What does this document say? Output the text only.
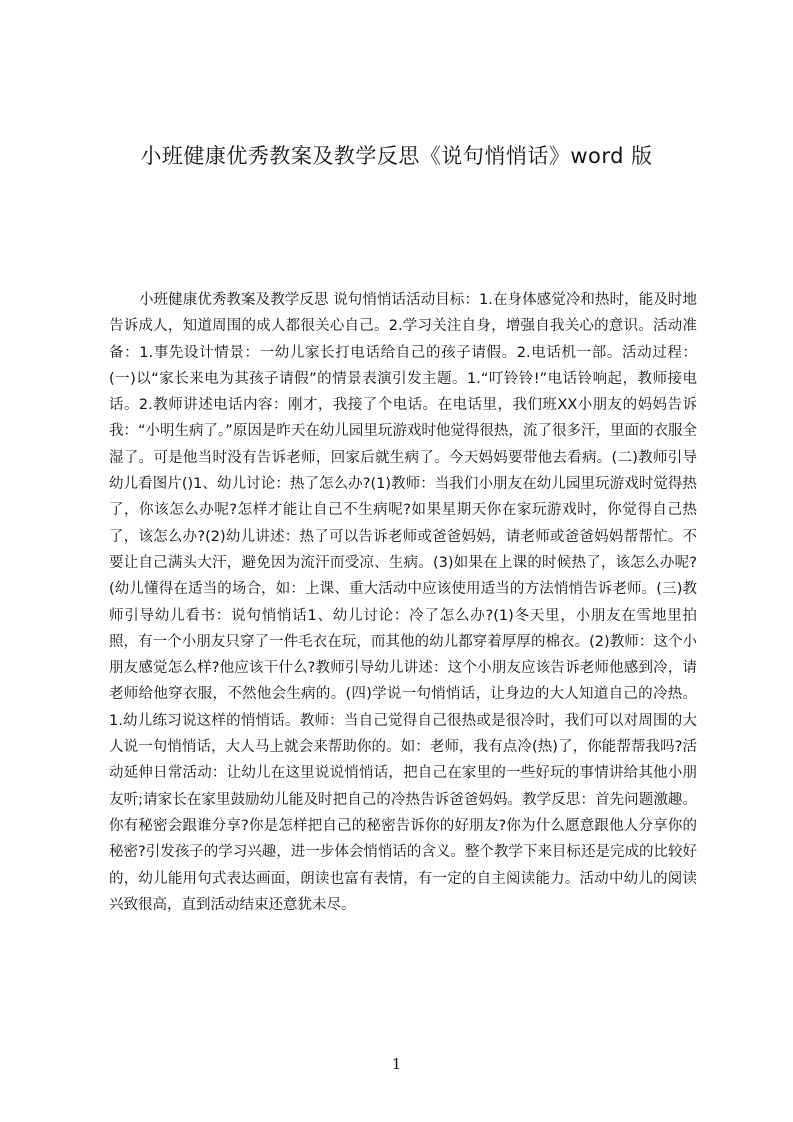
小班健康优秀教案及教学反思《说句悄悄话》word 版

小班健康优秀教案及教学反思 说句悄悄话活动目标：1.在身体感觉冷和热时，能及时地告诉成人，知道周围的成人都很关心自己。2.学习关注自身，增强自我关心的意识。活动准备：1.事先设计情景：一幼儿家长打电话给自己的孩子请假。2.电话机一部。活动过程：(一)以“家长来电为其孩子请假”的情景表演引发主题。1.“叮铃铃!”电话铃响起，教师接电话。2.教师讲述电话内容：刚才，我接了个电话。在电话里，我们班XX小朋友的妈妈告诉我：“小明生病了。”原因是昨天在幼儿园里玩游戏时他觉得很热，流了很多汗，里面的衣服全湿了。可是他当时没有告诉老师，回家后就生病了。今天妈妈要带他去看病。(二)教师引导幼儿看图片()1、幼儿讨论：热了怎么办?(1)教师：当我们小朋友在幼儿园里玩游戏时觉得热了，你该怎么办呢?怎样才能让自己不生病呢?如果星期天你在家玩游戏时，你觉得自己热了，该怎么办?(2)幼儿讲述：热了可以告诉老师或爸爸妈妈，请老师或爸爸妈妈帮帮忙。不要让自己满头大汗，避免因为流汗而受凉、生病。(3)如果在上课的时候热了，该怎么办呢?(幼儿懂得在适当的场合，如：上课、重大活动中应该使用适当的方法悄悄告诉老师。(三)教师引导幼儿看书：说句悄悄话1、幼儿讨论：冷了怎么办?(1)冬天里，小朋友在雪地里拍照，有一个小朋友只穿了一件毛衣在玩，而其他的幼儿都穿着厚厚的棉衣。(2)教师：这个小朋友感觉怎么样?他应该干什么?教师引导幼儿讲述：这个小朋友应该告诉老师他感到冷，请老师给他穿衣服，不然他会生病的。(四)学说一句悄悄话，让身边的大人知道自己的冷热。1.幼儿练习说这样的悄悄话。教师：当自己觉得自己很热或是很冷时，我们可以对周围的大人说一句悄悄话，大人马上就会来帮助你的。如：老师，我有点冷(热)了，你能帮帮我吗?活动延伸日常活动：让幼儿在这里说说悄悄话，把自己在家里的一些好玩的事情讲给其他小朋友听;请家长在家里鼓励幼儿能及时把自己的冷热告诉爸爸妈妈。教学反思：首先问题激趣。你有秘密会跟谁分享?你是怎样把自己的秘密告诉你的好朋友?你为什么愿意跟他人分享你的秘密?引发孩子的学习兴趣，进一步体会悄悄话的含义。整个教学下来目标还是完成的比较好的，幼儿能用句式表达画面，朗读也富有表情，有一定的自主阅读能力。活动中幼儿的阅读兴致很高，直到活动结束还意犹未尽。

1
